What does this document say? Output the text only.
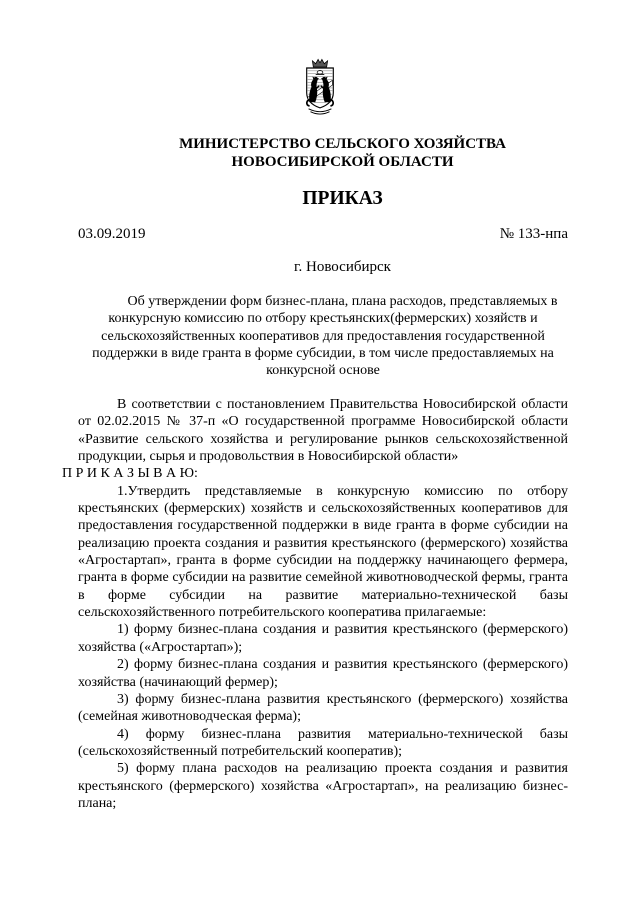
МИНИСТЕРСТВО СЕЛЬСКОГО ХОЗЯЙСТВА
НОВОСИБИРСКОЙ ОБЛАСТИ
ПРИКАЗ
03.09.2019	№ 133-нпа
г. Новосибирск
Об утверждении форм бизнес-плана, плана расходов, представляемых в
конкурсную комиссию по отбору крестьянских(фермерских) хозяйств и
сельскохозяйственных кооперативов для предоставления государственной
поддержки в виде гранта в форме субсидии, в том числе предоставляемых на
конкурсной основе
В соответствии с постановлением Правительства Новосибирской области
от 02.02.2015 № 37-п «О государственной программе Новосибирской области
«Развитие сельского хозяйства и регулирование рынков сельскохозяйственной
продукции, сырья и продовольствия в Новосибирской области»
П Р И К А З Ы В А Ю:
1.Утвердить представляемые в конкурсную комиссию по отбору
крестьянских (фермерских) хозяйств и сельскохозяйственных кооперативов для
предоставления государственной поддержки в виде гранта в форме субсидии на
реализацию проекта создания и развития крестьянского (фермерского) хозяйства
«Агростартап», гранта в форме субсидии на поддержку начинающего фермера,
гранта в форме субсидии на развитие семейной животноводческой фермы, гранта
в форме субсидии на развитие материально-технической базы
сельскохозяйственного потребительского кооператива прилагаемые:
1) форму бизнес-плана создания и развития крестьянского (фермерского)
хозяйства («Агростартап»);
2) форму бизнес-плана создания и развития крестьянского (фермерского)
хозяйства (начинающий фермер);
3) форму бизнес-плана развития крестьянского (фермерского) хозяйства
(семейная животноводческая ферма);
4) форму бизнес-плана развития материально-технической базы
(сельскохозяйственный потребительский кооператив);
5) форму плана расходов на реализацию проекта создания и развития
крестьянского (фермерского) хозяйства «Агростартап», на реализацию бизнес-
плана;
